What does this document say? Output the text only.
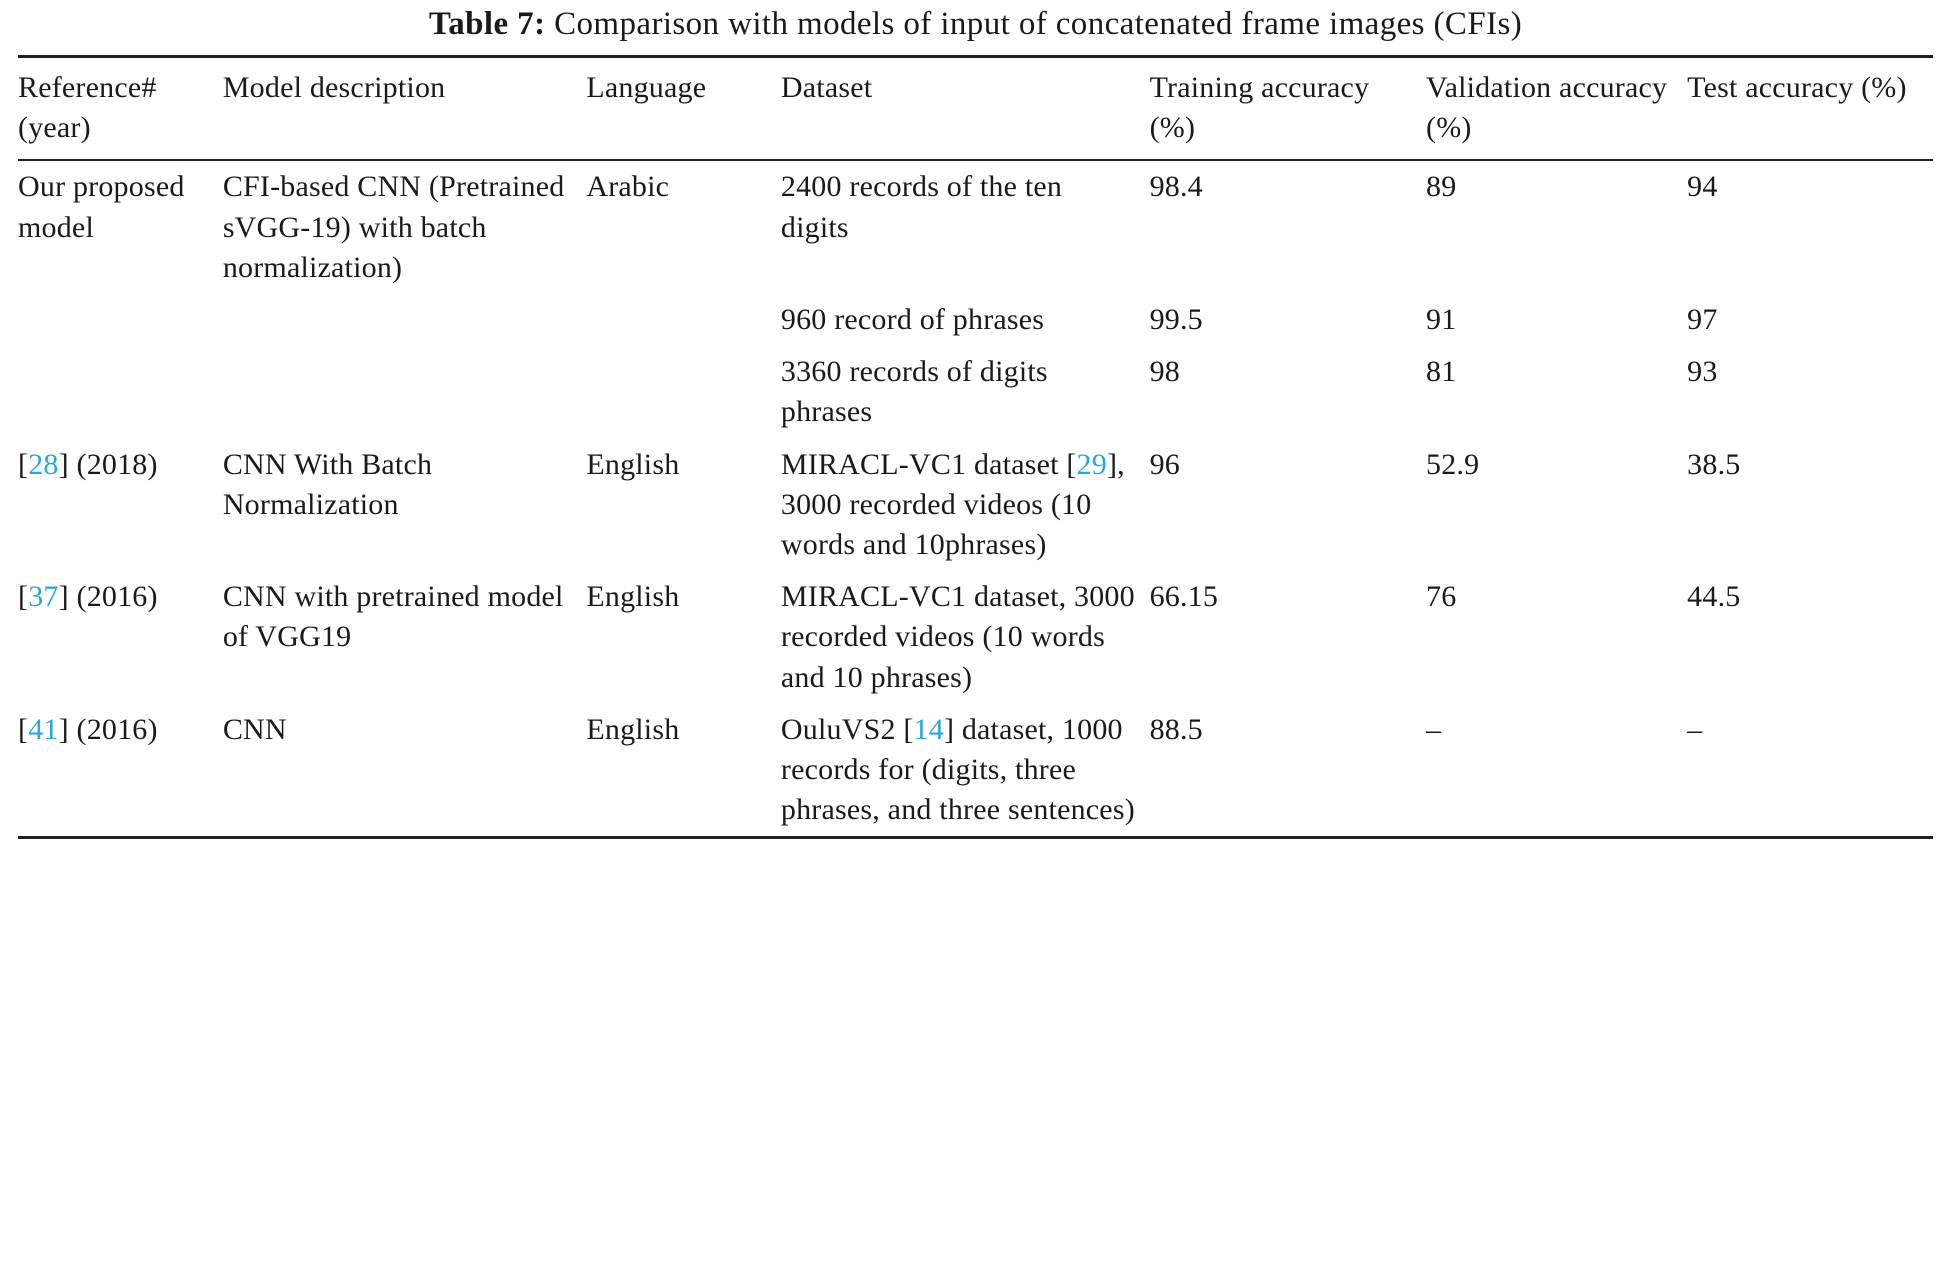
Table 7: Comparison with models of input of concatenated frame images (CFIs)
Reference# (year)	Model description	Language	Dataset	Training accuracy (%)	Validation accuracy (%)	Test accuracy (%)
Our proposed model	CFI-based CNN (Pretrained sVGG-19) with batch normalization)	Arabic	2400 records of the ten digits	98.4	89	94
			960 record of phrases	99.5	91	97
			3360 records of digits phrases	98	81	93
[28] (2018)	CNN With Batch Normalization	English	MIRACL-VC1 dataset [29], 3000 recorded videos (10 words and 10phrases)	96	52.9	38.5
[37] (2016)	CNN with pretrained model of VGG19	English	MIRACL-VC1 dataset, 3000 recorded videos (10 words and 10 phrases)	66.15	76	44.5
[41] (2016)	CNN	English	OuluVS2 [14] dataset, 1000 records for (digits, three phrases, and three sentences)	88.5	–	–
